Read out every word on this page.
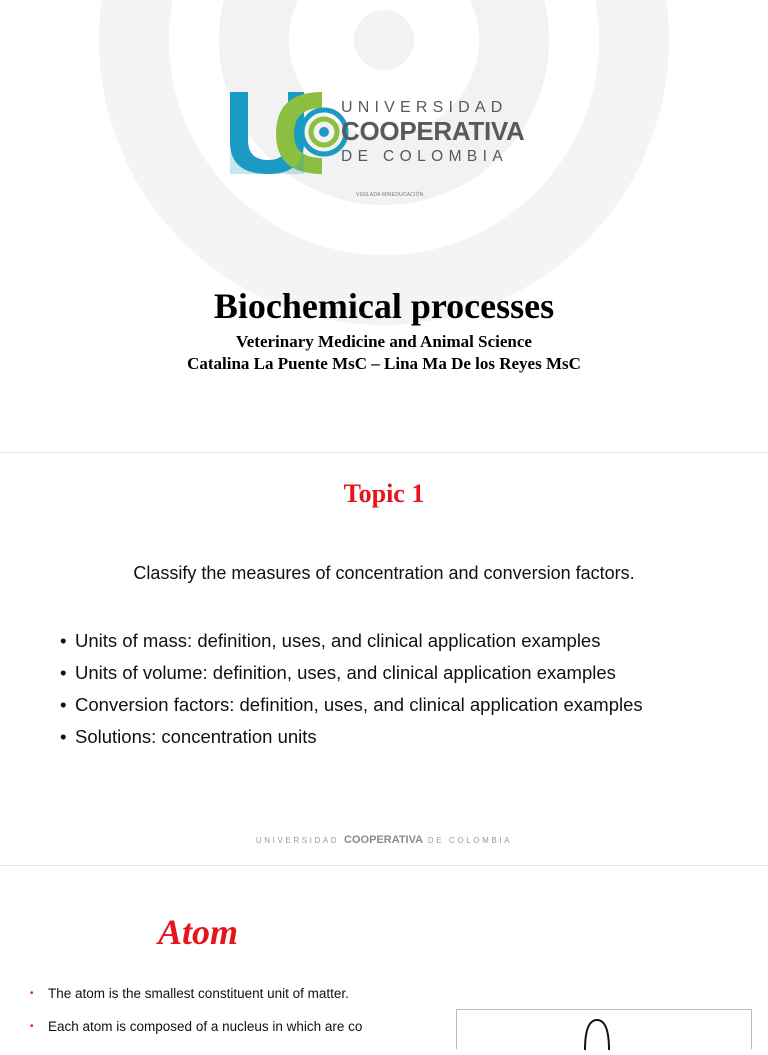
UNIVERSIDAD
COOPERATIVA
DE COLOMBIA
VIGILADA MINEDUCACIÓN
Biochemical processes
Veterinary Medicine and Animal Science
Catalina La Puente MsC – Lina Ma De los Reyes MsC
Topic 1
Classify the measures of concentration and conversion factors.
• Units of mass: definition, uses, and clinical application examples
• Units of volume: definition, uses, and clinical application examples
• Conversion factors: definition, uses, and clinical application examples
• Solutions: concentration units
UNIVERSIDAD COOPERATIVA DE COLOMBIA
Atom
• The atom is the smallest constituent unit of matter.
• Each atom is composed of a nucleus in which are co
